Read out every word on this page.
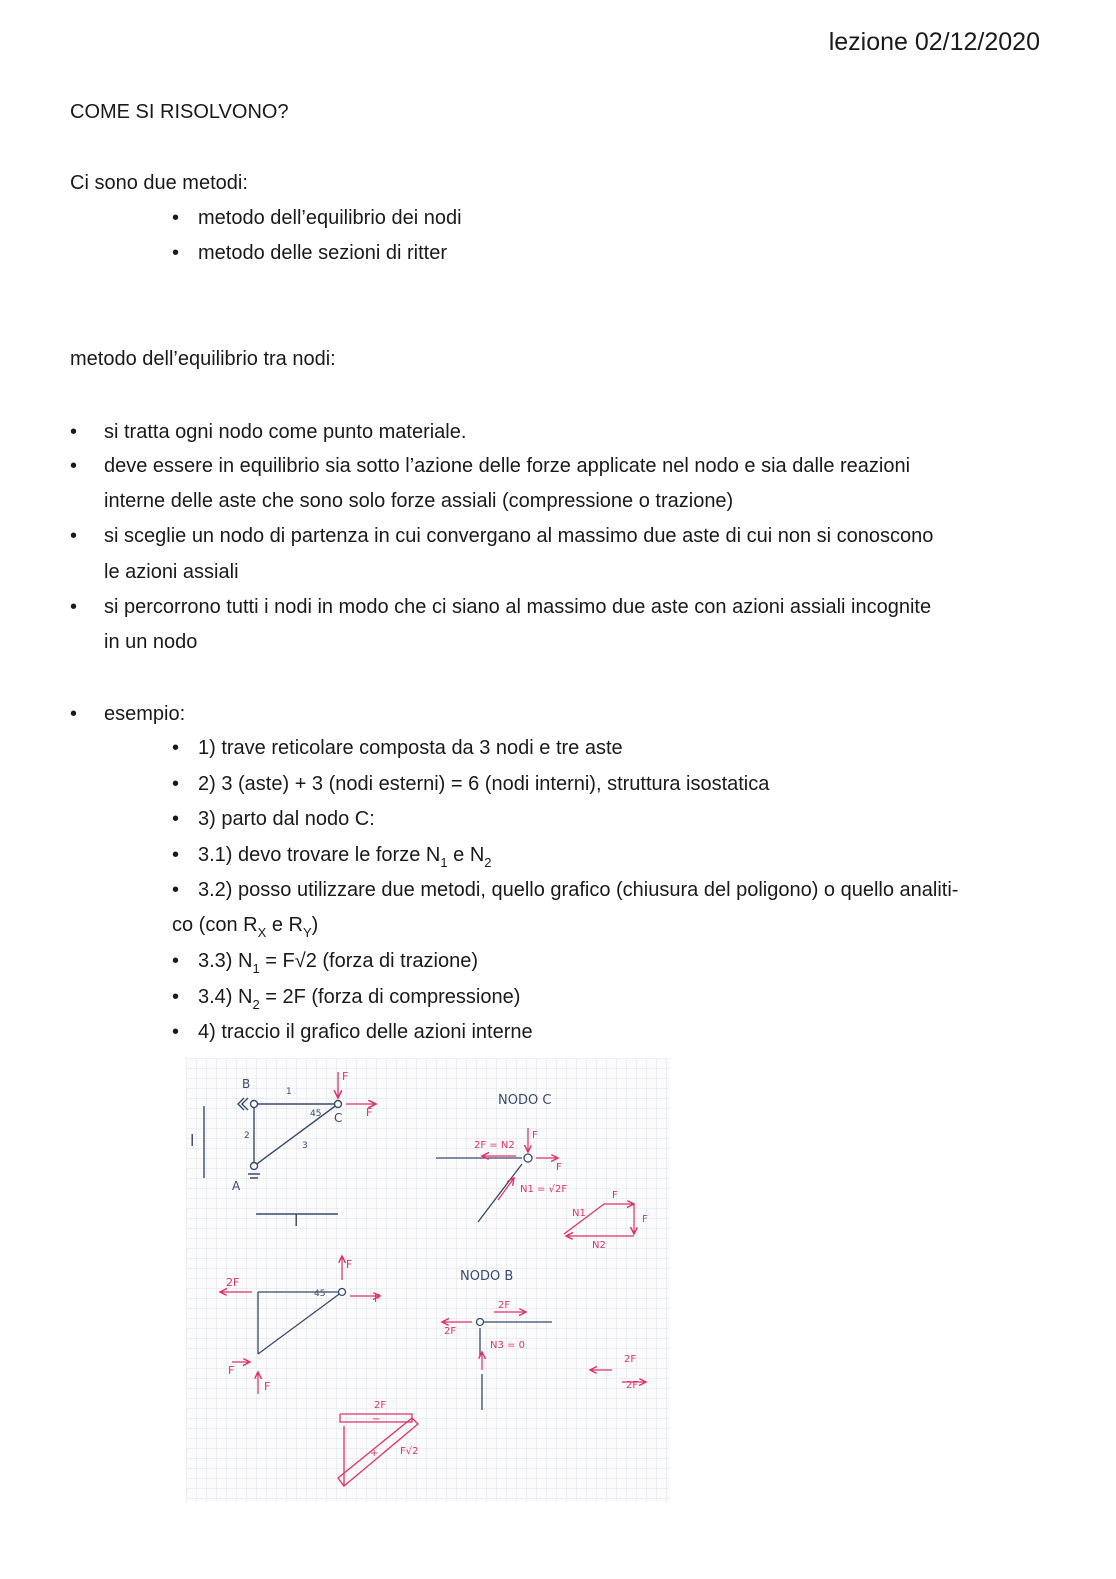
lezione 02/12/2020
COME SI RISOLVONO?
Ci sono due metodi:
• metodo dell’equilibrio dei nodi
• metodo delle sezioni di ritter
metodo dell’equilibrio tra nodi:
• si tratta ogni nodo come punto materiale.
• deve essere in equilibrio sia sotto l’azione delle forze applicate nel nodo e sia dalle reazioni
interne delle aste che sono solo forze assiali (compressione o trazione)
• si sceglie un nodo di partenza in cui convergano al massimo due aste di cui non si conoscono
le azioni assiali
• si percorrono tutti i nodi in modo che ci siano al massimo due aste con azioni assiali incognite
in un nodo
• esempio:
• 1) trave reticolare composta da 3 nodi e tre aste
• 2) 3 (aste) + 3 (nodi esterni) = 6 (nodi interni), struttura isostatica
• 3) parto dal nodo C:
• 3.1) devo trovare le forze $N_1$ e $N_2$
• 3.2) posso utilizzare due metodi, quello grafico (chiusura del poligono) o quello analiti-
co (con $R_X$ e $R_Y$)
• 3.3) $N_1 = F√2$ (forza di trazione)
• 3.4) $N_2 = 2F$ (forza di compressione)
• 4) traccio il grafico delle azioni interne
B
A
C
l
l
45
1
2
3
F
F
NODO C
2F = N2
F
F
N1 = √2F
N1
F
F
N2
F
F
2F
F
F
45
NODO B
2F
2F
N3 = 0
2F
2F
2F
−
+ F√2
